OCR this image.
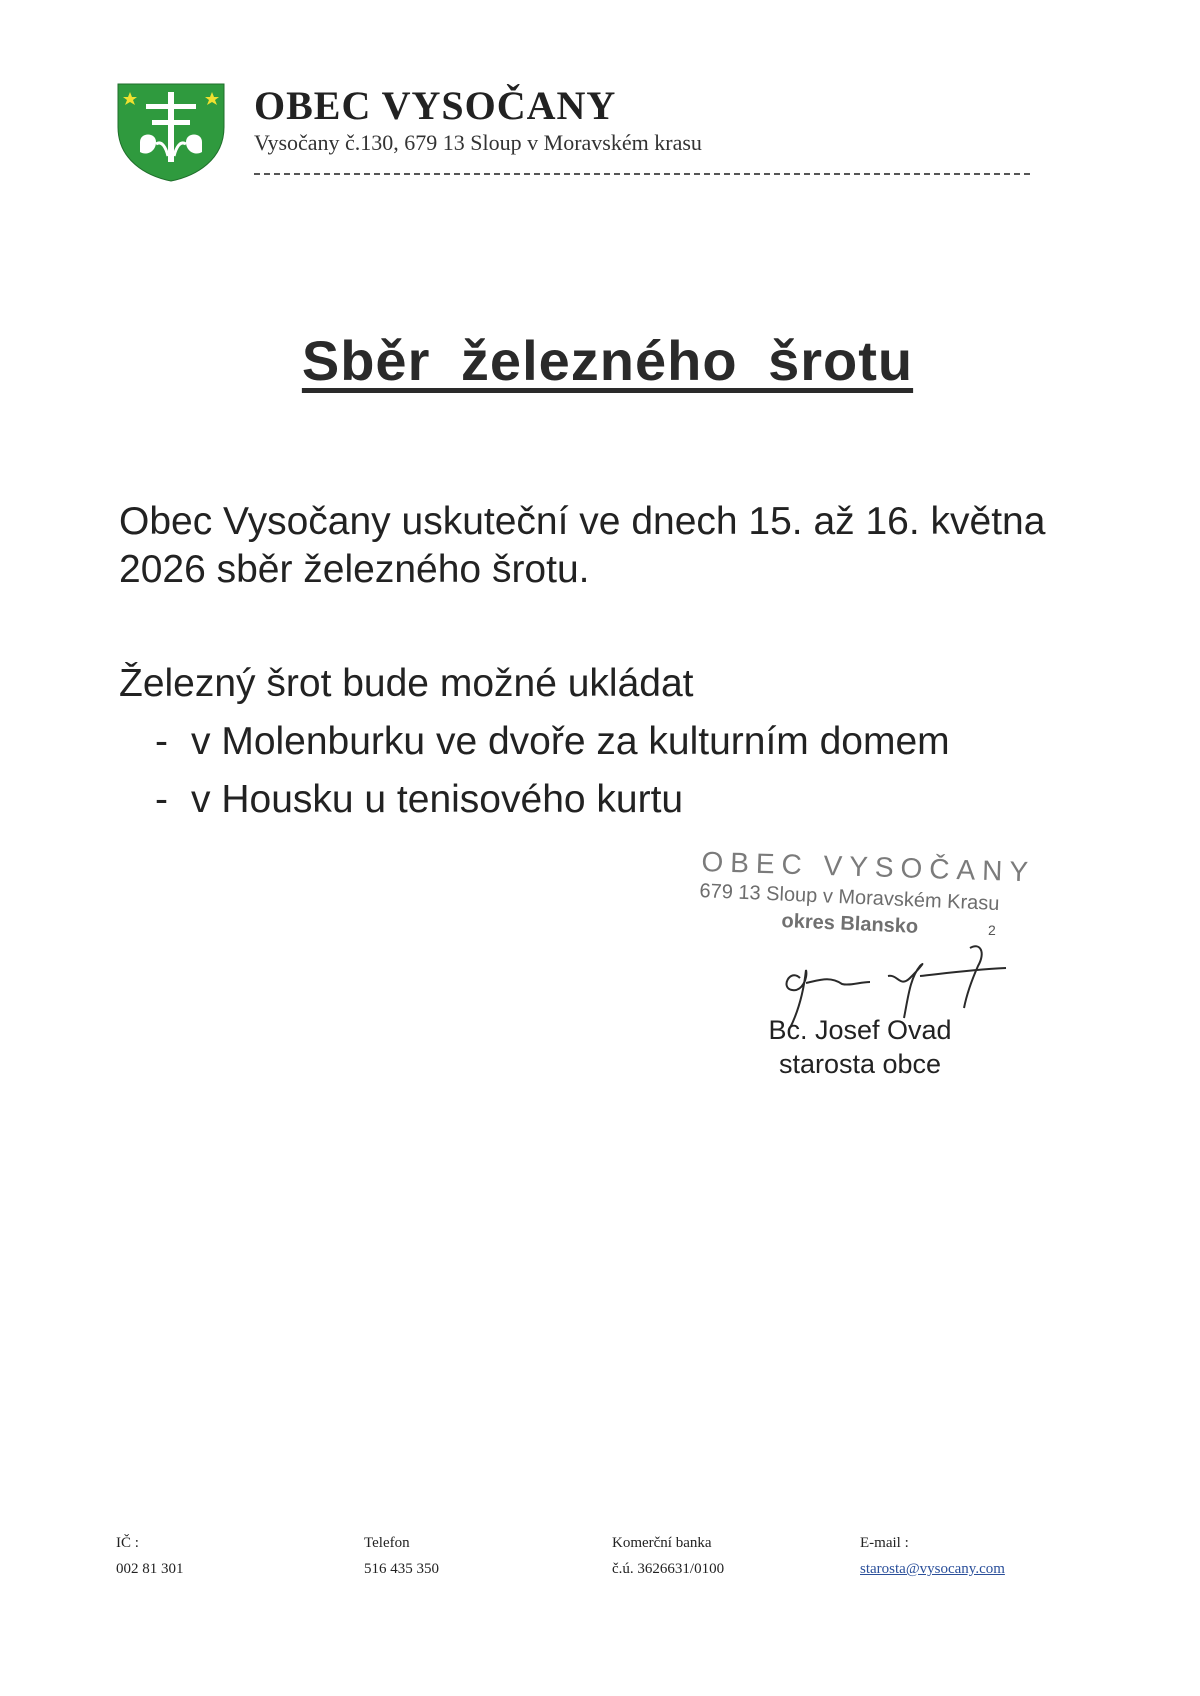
OBEC VYSOČANY
Vysočany č.130, 679 13 Sloup v Moravském krasu
Sběr železného šrotu
Obec Vysočany uskuteční ve dnech 15. až 16. května
2026 sběr železného šrotu.
Železný šrot bude možné ukládat
- v Molenburku ve dvoře za kulturním domem
- v Housku u tenisového kurtu
OBEC VYSOČANY
679 13 Sloup v Moravském Krasu
okres Blansko	2
Bc. Josef Ovad
starosta obce
IČ :
002 81 301
Telefon
516 435 350
Komerční banka
č.ú. 3626631/0100
E-mail :
starosta@vysocany.com
